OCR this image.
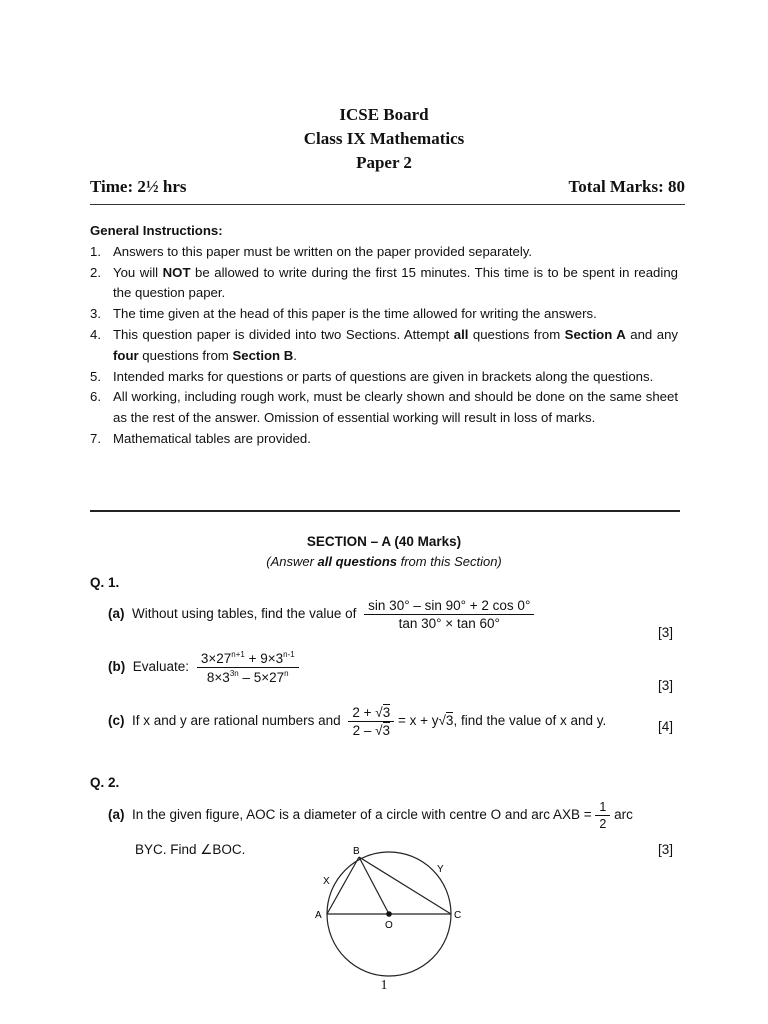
ICSE Board
Class IX Mathematics
Paper 2
Time: 2½ hrs	Total Marks: 80
General Instructions:
1. Answers to this paper must be written on the paper provided separately.
2. You will NOT be allowed to write during the first 15 minutes. This time is to be spent in reading the question paper.
3. The time given at the head of this paper is the time allowed for writing the answers.
4. This question paper is divided into two Sections. Attempt all questions from Section A and any four questions from Section B.
5. Intended marks for questions or parts of questions are given in brackets along the questions.
6. All working, including rough work, must be clearly shown and should be done on the same sheet as the rest of the answer. Omission of essential working will result in loss of marks.
7. Mathematical tables are provided.
SECTION – A (40 Marks)
(Answer all questions from this Section)
Q. 1.
(a) Without using tables, find the value of $\frac{\sin 30^\circ - \sin 90^\circ + 2 \cos 0^\circ}{\tan 30^\circ \times \tan 60^\circ}$
[3]
(b) Evaluate: $\frac{3\times 27^{n+1} + 9\times 3^{n-1}}{8\times 3^{3n} - 5\times 27^n}$
[3]
(c) If x and y are rational numbers and $\frac{2 + √3}{2 - √3} = x + y√3$, find the value of x and y.	[4]
Q. 2.
(a) In the given figure, AOC is a diameter of a circle with centre O and arc AXB = $\frac{1}{2}$ arc
BYC. Find ∠BOC.	[3]
B
A	C
O
X
Y
1
